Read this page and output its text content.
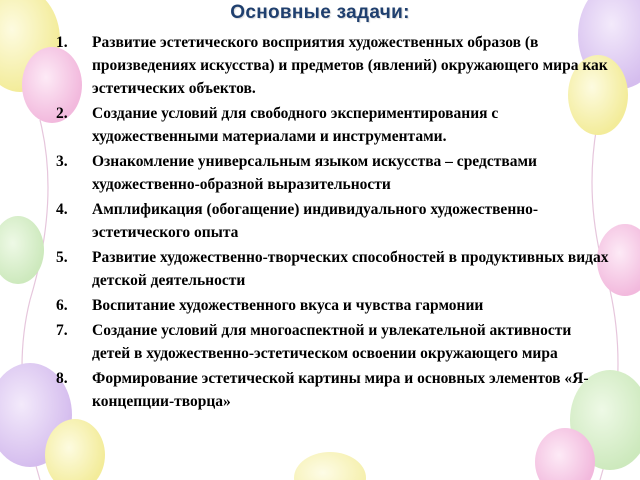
Основные задачи:
1.	Развитие эстетического восприятия художественных образов (в произведениях искусства) и предметов (явлений) окружающего мира как эстетических объектов.
2.	Создание условий для свободного экспериментирования с художественными материалами и инструментами.
3.	Ознакомление универсальным языком искусства – средствами художественно-образной выразительности
4.	Амплификация (обогащение) индивидуального художественно-эстетического опыта
5.	Развитие художественно-творческих способностей в продуктивных видах детской деятельности
6.	Воспитание художественного вкуса и чувства гармонии
7.	Создание условий для многоаспектной и увлекательной активности детей в художественно-эстетическом освоении окружающего мира
8.	Формирование эстетической картины мира и основных элементов «Я-концепции-творца»
